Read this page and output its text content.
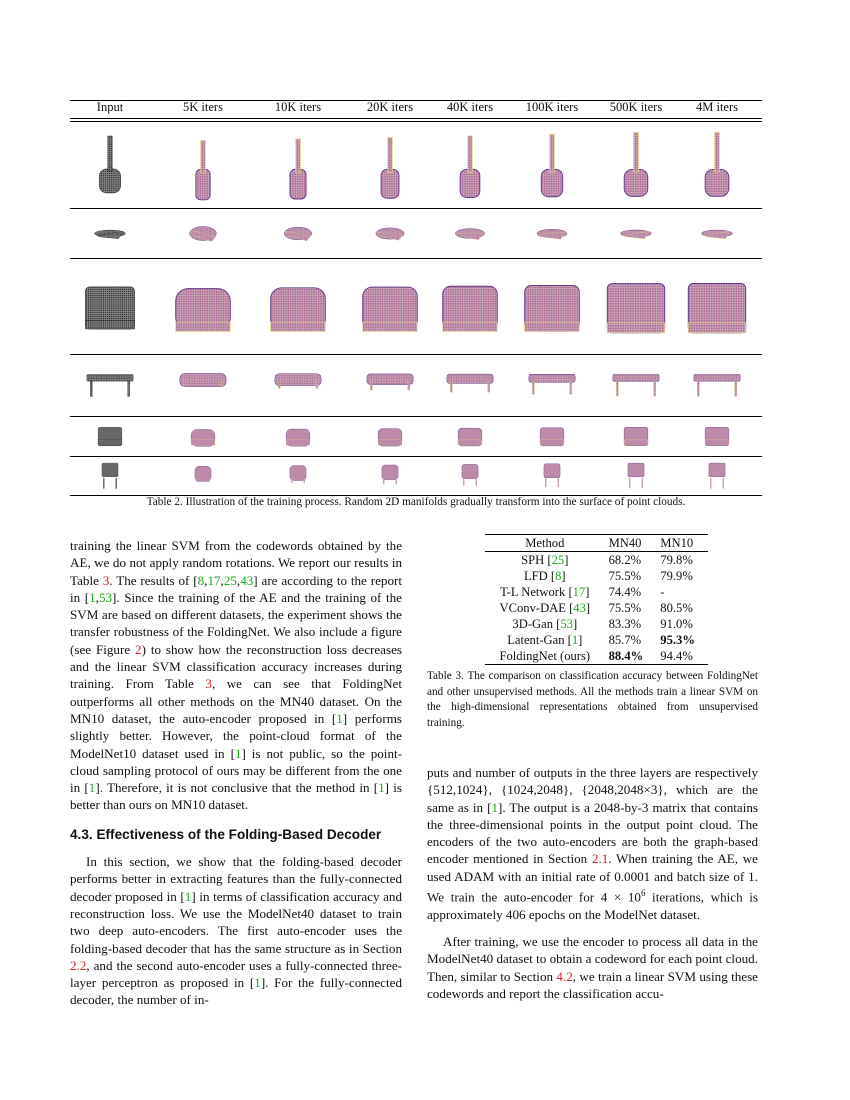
Input	5K iters	10K iters	20K iters	40K iters	100K iters	500K iters	4M iters
Table 2. Illustration of the training process. Random 2D manifolds gradually transform into the surface of point clouds.

training the linear SVM from the codewords obtained by the AE, we do not apply random rotations. We report our results in Table 3. The results of [8,17,25,43] are according to the report in [1,53]. Since the training of the AE and the training of the SVM are based on different datasets, the experiment shows the transfer robustness of the FoldingNet. We also include a figure (see Figure 2) to show how the reconstruction loss decreases and the linear SVM classification accuracy increases during training. From Table 3, we can see that FoldingNet outperforms all other methods on the MN40 dataset. On the MN10 dataset, the auto-encoder proposed in [1] performs slightly better. However, the point-cloud format of the ModelNet10 dataset used in [1] is not public, so the point-cloud sampling protocol of ours may be different from the one in [1]. Therefore, it is not conclusive that the method in [1] is better than ours on MN10 dataset.

4.3. Effectiveness of the Folding-Based Decoder

In this section, we show that the folding-based decoder performs better in extracting features than the fully-connected decoder proposed in [1] in terms of classification accuracy and reconstruction loss. We use the ModelNet40 dataset to train two deep auto-encoders. The first auto-encoder uses the folding-based decoder that has the same structure as in Section 2.2, and the second auto-encoder uses a fully-connected three-layer perceptron as proposed in [1]. For the fully-connected decoder, the number of in-

Method	MN40	MN10
SPH [25]	68.2%	79.8%
LFD [8]	75.5%	79.9%
T-L Network [17]	74.4%	-
VConv-DAE [43]	75.5%	80.5%
3D-Gan [53]	83.3%	91.0%
Latent-Gan [1]	85.7%	95.3%
FoldingNet (ours)	88.4%	94.4%
Table 3. The comparison on classification accuracy between FoldingNet and other unsupervised methods. All the methods train a linear SVM on the high-dimensional representations obtained from unsupervised training.

puts and number of outputs in the three layers are respectively {512,1024}, {1024,2048}, {2048,2048×3}, which are the same as in [1]. The output is a 2048-by-3 matrix that contains the three-dimensional points in the output point cloud. The encoders of the two auto-encoders are both the graph-based encoder mentioned in Section 2.1. When training the AE, we used ADAM with an initial rate of 0.0001 and batch size of 1. We train the auto-encoder for $4 \times 10^6$ iterations, which is approximately 406 epochs on the ModelNet dataset.

After training, we use the encoder to process all data in the ModelNet40 dataset to obtain a codeword for each point cloud. Then, similar to Section 4.2, we train a linear SVM using these codewords and report the classification accu-
